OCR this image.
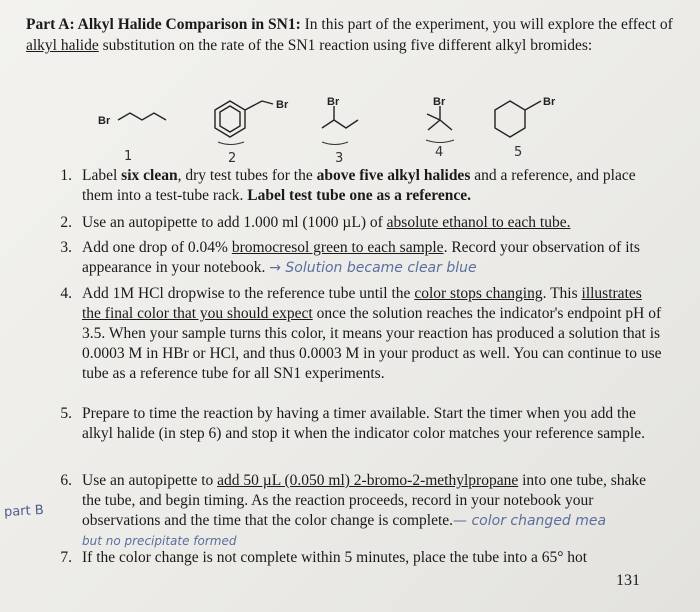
Part A: Alkyl Halide Comparison in SN1: In this part of the experiment, you will explore the effect of alkyl halide substitution on the rate of the SN1 reaction using five different alkyl bromides:
Br
Br	Br	Br	Br
1	2	3	4	5
1. Label six clean, dry test tubes for the above five alkyl halides and a reference, and place them into a test-tube rack. Label test tube one as a reference.
2. Use an autopipette to add 1.000 ml (1000 µL) of absolute ethanol to each tube.
3. Add one drop of 0.04% bromocresol green to each sample. Record your observation of its appearance in your notebook. → Solution became clear blue
4. Add 1M HCl dropwise to the reference tube until the color stops changing. This illustrates the final color that you should expect once the solution reaches the indicator's endpoint pH of 3.5. When your sample turns this color, it means your reaction has produced a solution that is 0.0003 M in HBr or HCl, and thus 0.0003 M in your product as well. You can continue to use tube as a reference tube for all SN1 experiments.
5. Prepare to time the reaction by having a timer available. Start the timer when you add the alkyl halide (in step 6) and stop it when the indicator color matches your reference sample.
6. Use an autopipette to add 50 µL (0.050 ml) 2-bromo-2-methylpropane into one tube, shake the tube, and begin timing. As the reaction proceeds, record in your notebook your observations and the time that the color change is complete.— color changed mea
but no precipitate formed
7. If the color change is not complete within 5 minutes, place the tube into a 65° hot
part B
131
